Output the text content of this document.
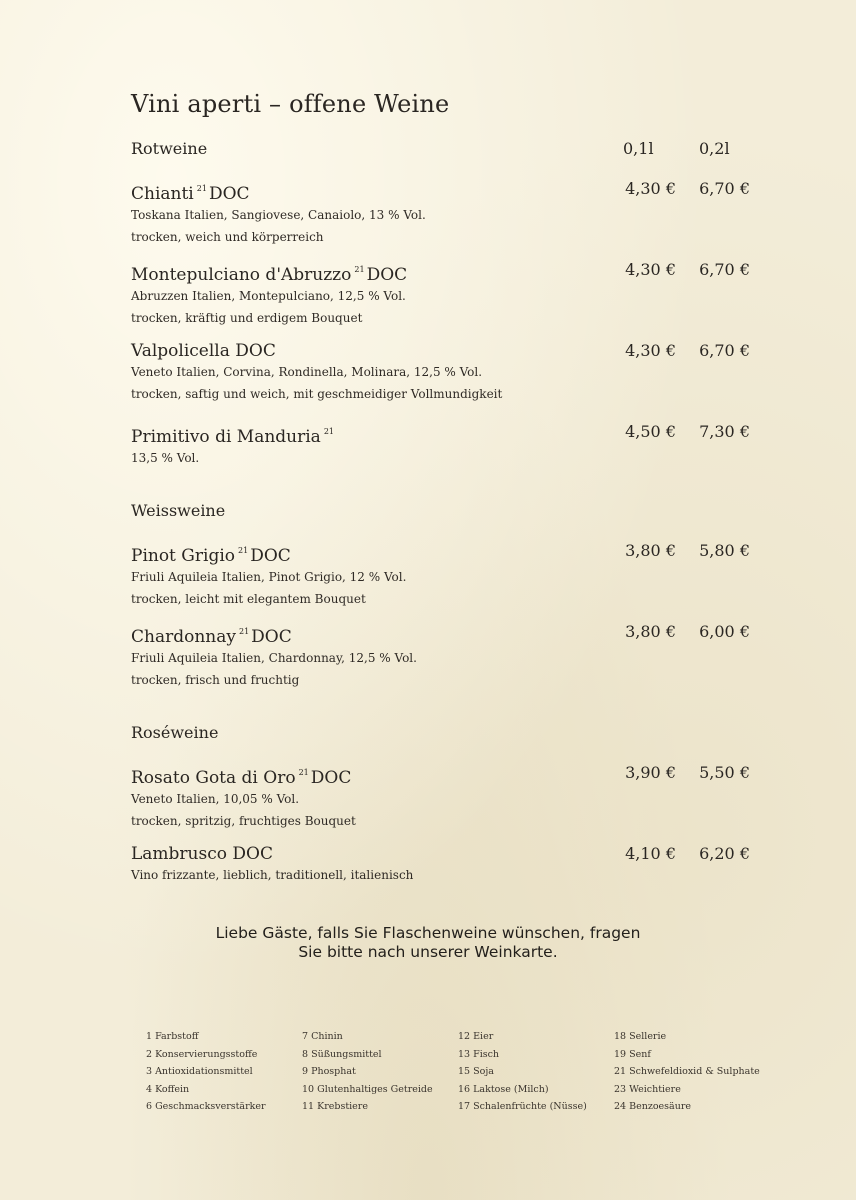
Vini aperti – offene Weine
Rotweine	0,1l	0,2l
Chianti $^{21}$ DOC
Toskana Italien, Sangiovese, Canaiolo, 13 % Vol.
trocken, weich und körperreich
4,30 € 6,70 €
Montepulciano d'Abruzzo $^{21}$ DOC
Abruzzen Italien, Montepulciano, 12,5 % Vol.
trocken, kräftig und erdigem Bouquet
4,30 € 6,70 €
Valpolicella DOC
Veneto Italien, Corvina, Rondinella, Molinara, 12,5 % Vol.
trocken, saftig und weich, mit geschmeidiger Vollmundigkeit
4,30 € 6,70 €
Primitivo di Manduria $^{21}$
13,5 % Vol.
4,50 € 7,30 €
Weissweine
Pinot Grigio $^{21}$ DOC
Friuli Aquileia Italien, Pinot Grigio, 12 % Vol.
trocken, leicht mit elegantem Bouquet
3,80 € 5,80 €
Chardonnay $^{21}$ DOC
Friuli Aquileia Italien, Chardonnay, 12,5 % Vol.
trocken, frisch und fruchtig
3,80 € 6,00 €
Roséweine
Rosato Gota di Oro $^{21}$ DOC
Veneto Italien, 10,05 % Vol.
trocken, spritzig, fruchtiges Bouquet
3,90 € 5,50 €
Lambrusco DOC
Vino frizzante, lieblich, traditionell, italienisch
4,10 € 6,20 €
Liebe Gäste, falls Sie Flaschenweine wünschen, fragen
Sie bitte nach unserer Weinkarte.
1 Farbstoff
2 Konservierungsstoffe
3 Antioxidationsmittel
4 Koffein
6 Geschmacksverstärker
7 Chinin
8 Süßungsmittel
9 Phosphat
10 Glutenhaltiges Getreide
11 Krebstiere
12 Eier
13 Fisch
15 Soja
16 Laktose (Milch)
17 Schalenfrüchte (Nüsse)
18 Sellerie
19 Senf
21 Schwefeldioxid & Sulphate
23 Weichtiere
24 Benzoesäure
